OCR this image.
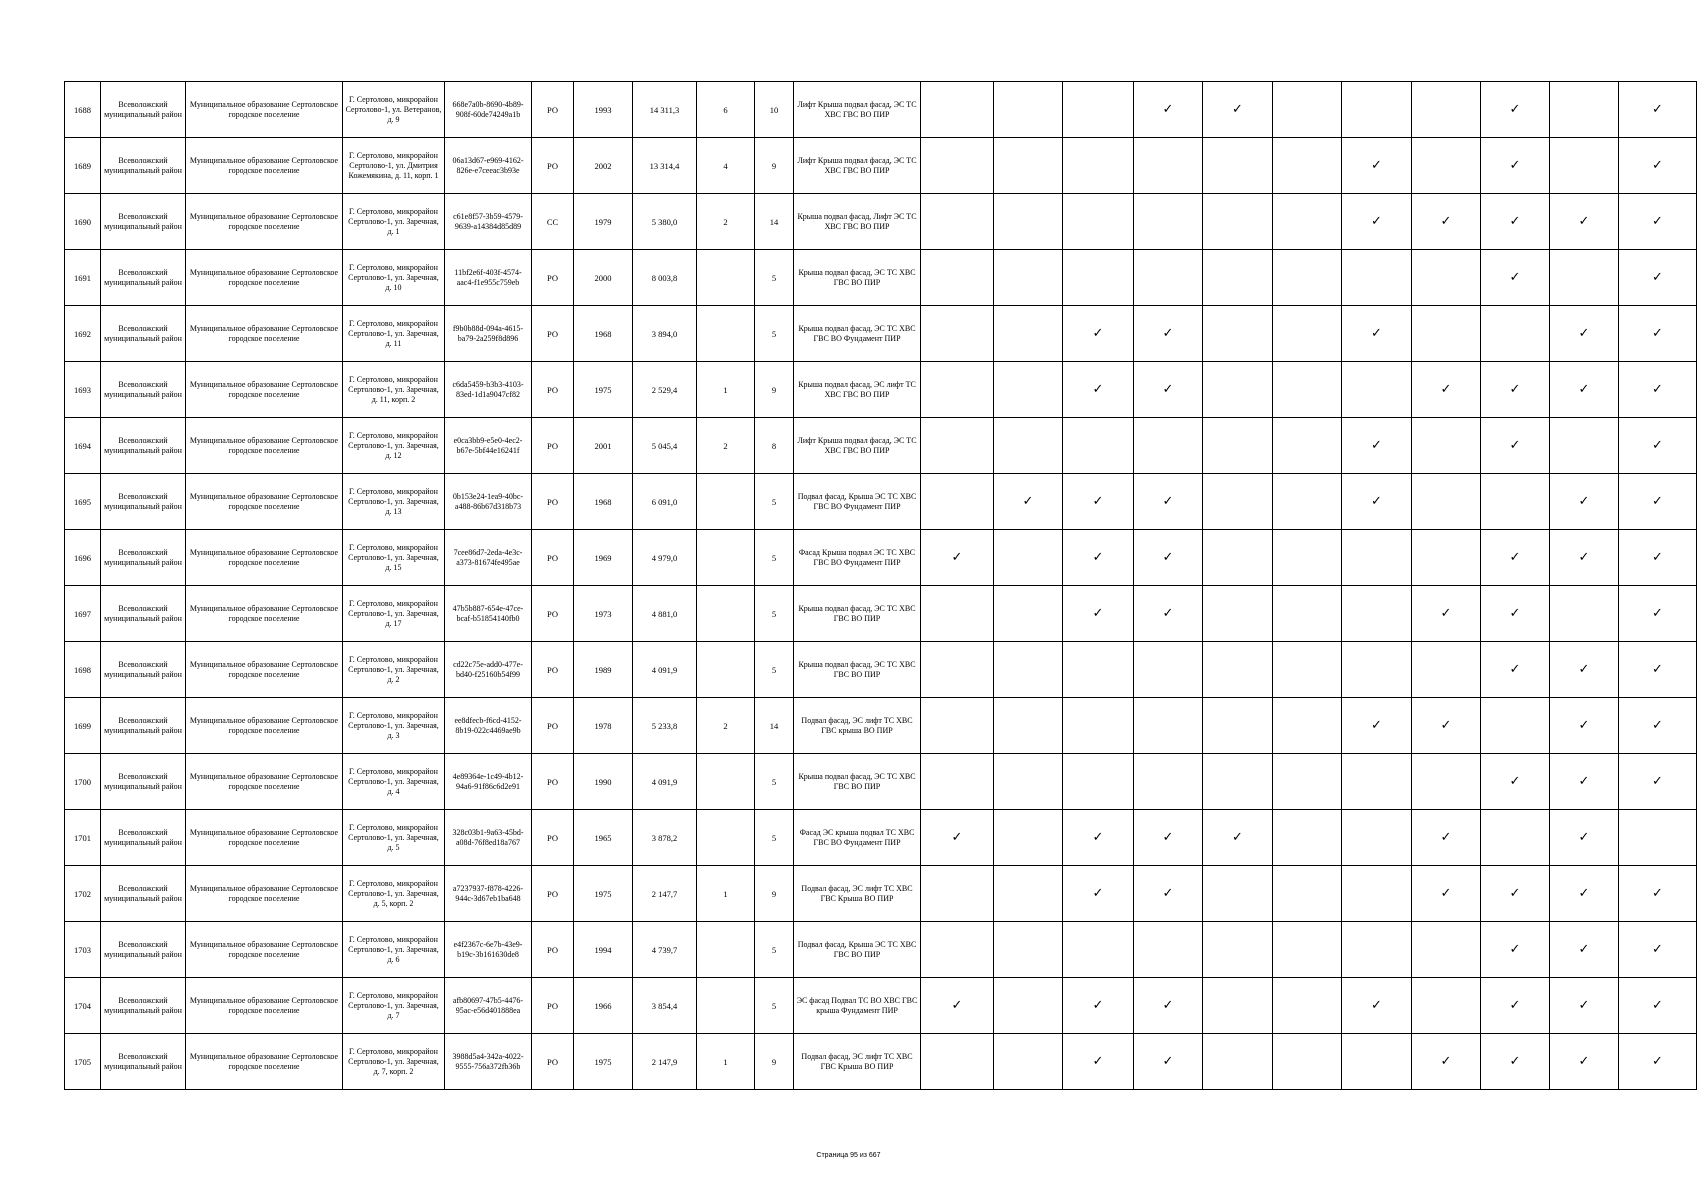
1688	Всеволожский муниципальный район	Муниципальное образование Сертоловское городское поселение	Г. Сертолово, микрорайон Сертолово-1, ул. Ветеранов, д. 9	668e7a0b-8690-4b89-908f-60de74249a1b	РО	1993	14 311,3	6	10	Лифт Крыша подвал фасад, ЭС ТС ХВС ГВС ВО ПИР				✓	✓				✓		✓
1689	Всеволожский муниципальный район	Муниципальное образование Сертоловское городское поселение	Г. Сертолово, микрорайон Сертолово-1, ул. Дмитрия Кожемякина, д. 11, корп. 1	06a13d67-e969-4162-826e-e7ceeac3b93e	РО	2002	13 314,4	4	9	Лифт Крыша подвал фасад, ЭС ТС ХВС ГВС ВО ПИР							✓		✓		✓
1690	Всеволожский муниципальный район	Муниципальное образование Сертоловское городское поселение	Г. Сертолово, микрорайон Сертолово-1, ул. Заречная, д. 1	c61e8f57-3b59-4579-9639-a14384d85d89	СС	1979	5 380,0	2	14	Крыша подвал фасад, Лифт ЭС ТС ХВС ГВС ВО ПИР							✓	✓	✓	✓	✓
1691	Всеволожский муниципальный район	Муниципальное образование Сертоловское городское поселение	Г. Сертолово, микрорайон Сертолово-1, ул. Заречная, д. 10	11bf2e6f-403f-4574-aac4-f1e955c759eb	РО	2000	8 003,8		5	Крыша подвал фасад, ЭС ТС ХВС ГВС ВО ПИР									✓		✓
1692	Всеволожский муниципальный район	Муниципальное образование Сертоловское городское поселение	Г. Сертолово, микрорайон Сертолово-1, ул. Заречная, д. 11	f9b0b88d-094a-4615-ba79-2a259f8d896	РО	1968	3 894,0		5	Крыша подвал фасад, ЭС ТС ХВС ГВС ВО Фундамент ПИР			✓	✓			✓			✓	✓
1693	Всеволожский муниципальный район	Муниципальное образование Сертоловское городское поселение	Г. Сертолово, микрорайон Сертолово-1, ул. Заречная, д. 11, корп. 2	c6da5459-b3b3-4103-83ed-1d1a9047cf82	РО	1975	2 529,4	1	9	Крыша подвал фасад, ЭС лифт ТС ХВС ГВС ВО ПИР			✓	✓				✓	✓	✓	✓
1694	Всеволожский муниципальный район	Муниципальное образование Сертоловское городское поселение	Г. Сертолово, микрорайон Сертолово-1, ул. Заречная, д. 12	e0ca3bb9-e5e0-4ec2-b67e-5bf44e16241f	РО	2001	5 045,4	2	8	Лифт Крыша подвал фасад, ЭС ТС ХВС ГВС ВО ПИР							✓		✓		✓
1695	Всеволожский муниципальный район	Муниципальное образование Сертоловское городское поселение	Г. Сертолово, микрорайон Сертолово-1, ул. Заречная, д. 13	0b153e24-1ea9-40bc-a488-86b67d318b73	РО	1968	6 091,0		5	Подвал фасад, Крыша ЭС ТС ХВС ГВС ВО Фундамент ПИР		✓	✓	✓			✓			✓	✓
1696	Всеволожский муниципальный район	Муниципальное образование Сертоловское городское поселение	Г. Сертолово, микрорайон Сертолово-1, ул. Заречная, д. 15	7cee86d7-2eda-4e3c-a373-81674fe495ae	РО	1969	4 979,0		5	Фасад Крыша подвал ЭС ТС ХВС ГВС ВО Фундамент ПИР	✓		✓	✓					✓	✓	✓
1697	Всеволожский муниципальный район	Муниципальное образование Сертоловское городское поселение	Г. Сертолово, микрорайон Сертолово-1, ул. Заречная, д. 17	47b5b887-654e-47ce-bcaf-b51854140fb0	РО	1973	4 881,0		5	Крыша подвал фасад, ЭС ТС ХВС ГВС ВО ПИР			✓	✓				✓	✓		✓
1698	Всеволожский муниципальный район	Муниципальное образование Сертоловское городское поселение	Г. Сертолово, микрорайон Сертолово-1, ул. Заречная, д. 2	cd22c75e-add0-477e-bd40-f25160b54f99	РО	1989	4 091,9		5	Крыша подвал фасад, ЭС ТС ХВС ГВС ВО ПИР									✓	✓	✓
1699	Всеволожский муниципальный район	Муниципальное образование Сертоловское городское поселение	Г. Сертолово, микрорайон Сертолово-1, ул. Заречная, д. 3	ee8dfecb-f6cd-4152-8b19-022c4469ae9b	РО	1978	5 233,8	2	14	Подвал фасад, ЭС лифт ТС ХВС ГВС крыша ВО ПИР							✓	✓		✓	✓
1700	Всеволожский муниципальный район	Муниципальное образование Сертоловское городское поселение	Г. Сертолово, микрорайон Сертолово-1, ул. Заречная, д. 4	4e89364e-1c49-4b12-94a6-91f86c6d2e91	РО	1990	4 091,9		5	Крыша подвал фасад, ЭС ТС ХВС ГВС ВО ПИР									✓	✓	✓
1701	Всеволожский муниципальный район	Муниципальное образование Сертоловское городское поселение	Г. Сертолово, микрорайон Сертолово-1, ул. Заречная, д. 5	328c03b1-9a63-45bd-a08d-76f8ed18a767	РО	1965	3 878,2		5	Фасад ЭС крыша подвал ТС ХВС ГВС ВО Фундамент ПИР	✓		✓	✓	✓			✓		✓	
1702	Всеволожский муниципальный район	Муниципальное образование Сертоловское городское поселение	Г. Сертолово, микрорайон Сертолово-1, ул. Заречная, д. 5, корп. 2	a7237937-f878-4226-944c-3d67eb1ba648	РО	1975	2 147,7	1	9	Подвал фасад, ЭС лифт ТС ХВС ГВС Крыша ВО ПИР			✓	✓				✓	✓	✓	✓
1703	Всеволожский муниципальный район	Муниципальное образование Сертоловское городское поселение	Г. Сертолово, микрорайон Сертолово-1, ул. Заречная, д. 6	e4f2367c-6e7b-43e9-b19c-3b161630de8	РО	1994	4 739,7		5	Подвал фасад, Крыша ЭС ТС ХВС ГВС ВО ПИР									✓	✓	✓
1704	Всеволожский муниципальный район	Муниципальное образование Сертоловское городское поселение	Г. Сертолово, микрорайон Сертолово-1, ул. Заречная, д. 7	afb80697-47b5-4476-95ac-e56d401888ea	РО	1966	3 854,4		5	ЭС фасад Подвал ТС ВО ХВС ГВС крыша Фундамент ПИР	✓		✓	✓			✓		✓	✓	✓
1705	Всеволожский муниципальный район	Муниципальное образование Сертоловское городское поселение	Г. Сертолово, микрорайон Сертолово-1, ул. Заречная, д. 7, корп. 2	3988d5a4-342a-4022-9555-756a372fb36b	РО	1975	2 147,9	1	9	Подвал фасад, ЭС лифт ТС ХВС ГВС Крыша ВО ПИР			✓	✓				✓	✓	✓	✓
Страница 95 из 667
